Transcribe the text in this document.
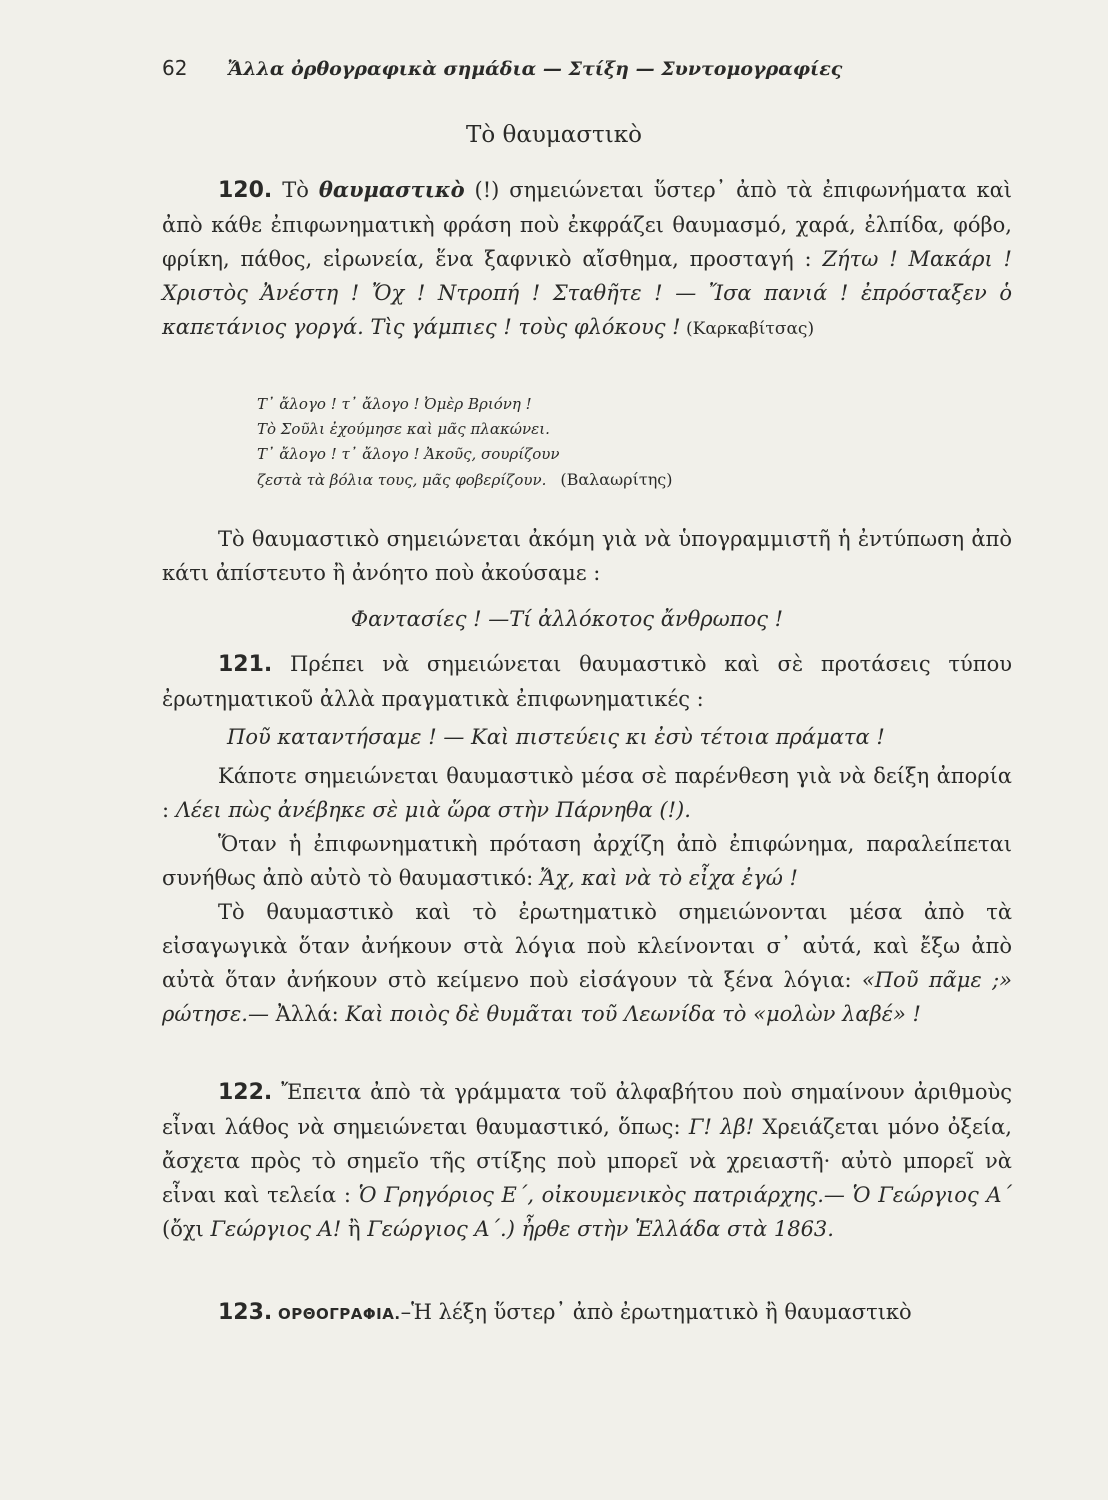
62 Ἄλλα ὀρθογραφικὰ σημάδια — Στίξη — Συντομογραφίες
Τὸ θαυμαστικὸ

120. Τὸ θαυμαστικὸ (!) σημειώνεται ὕστερ᾽ ἀπὸ τὰ ἐπιφωνήματα καὶ ἀπὸ κάθε ἐπιφωνηματικὴ φράση ποὺ ἐκφράζει θαυμασμό, χαρά, ἐλπίδα, φόβο, φρίκη, πάθος, εἰρωνεία, ἕνα ξαφνικὸ αἴσθημα, προσταγή : Ζήτω ! Μακάρι ! Χριστὸς Ἀνέστη ! Ὄχ ! Ντροπή ! Σταθῆτε ! — Ἴσα πανιά ! ἐπρόσταξεν ὁ καπετάνιος γοργά. Τὶς γάμπιες ! τοὺς φλόκους ! (Καρκαβίτσας)

Τ᾽ ἄλογο ! τ᾽ ἄλογο ! Ὀμὲρ Βριόνη !
Τὸ Σοῦλι ἐχούμησε καὶ μᾶς πλακώνει.
Τ᾽ ἄλογο ! τ᾽ ἄλογο ! Ἀκοῦς, σουρίζουν
ζεστὰ τὰ βόλια τους, μᾶς φοβερίζουν. (Βαλαωρίτης)

Τὸ θαυμαστικὸ σημειώνεται ἀκόμη γιὰ νὰ ὑπογραμμιστῆ ἡ ἐντύπωση ἀπὸ κάτι ἀπίστευτο ἢ ἀνόητο ποὺ ἀκούσαμε :

Φαντασίες ! —Τί ἀλλόκοτος ἄνθρωπος !

121. Πρέπει νὰ σημειώνεται θαυμαστικὸ καὶ σὲ προτάσεις τύπου ἐρωτηματικοῦ ἀλλὰ πραγματικὰ ἐπιφωνηματικές :

Ποῦ καταντήσαμε ! — Καὶ πιστεύεις κι ἐσὺ τέτοια πράματα !

Κάποτε σημειώνεται θαυμαστικὸ μέσα σὲ παρένθεση γιὰ νὰ δείξη ἀπορία : Λέει πὼς ἀνέβηκε σὲ μιὰ ὥρα στὴν Πάρνηθα (!).

Ὅταν ἡ ἐπιφωνηματικὴ πρόταση ἀρχίζη ἀπὸ ἐπιφώνημα, παραλείπεται συνήθως ἀπὸ αὐτὸ τὸ θαυμαστικό: Ἄχ, καὶ νὰ τὸ εἶχα ἐγώ !

Τὸ θαυμαστικὸ καὶ τὸ ἐρωτηματικὸ σημειώνονται μέσα ἀπὸ τὰ εἰσαγωγικὰ ὅταν ἀνήκουν στὰ λόγια ποὺ κλείνονται σ᾽ αὐτά, καὶ ἔξω ἀπὸ αὐτὰ ὅταν ἀνήκουν στὸ κείμενο ποὺ εἰσάγουν τὰ ξένα λόγια: «Ποῦ πᾶμε ;» ρώτησε.— Ἀλλά: Καὶ ποιὸς δὲ θυμᾶται τοῦ Λεωνίδα τὸ «μολὼν λαβέ» !

122. Ἔπειτα ἀπὸ τὰ γράμματα τοῦ ἀλφαβήτου ποὺ σημαίνουν ἀριθμοὺς εἶναι λάθος νὰ σημειώνεται θαυμαστικό, ὅπως: Γ! λβ! Χρειάζεται μόνο ὀξεία, ἄσχετα πρὸς τὸ σημεῖο τῆς στίξης ποὺ μπορεῖ νὰ χρειαστῆ· αὐτὸ μπορεῖ νὰ εἶναι καὶ τελεία : Ὁ Γρηγόριος Ε΄, οἰκουμενικὸς πατριάρχης.— Ὁ Γεώργιος Α΄ (ὄχι Γεώργιος Α! ἢ Γεώργιος Α΄.) ἦρθε στὴν Ἑλλάδα στὰ 1863.

123. ΟΡΘΟΓΡΑΦΙΑ.–Ἡ λέξη ὕστερ᾽ ἀπὸ ἐρωτηματικὸ ἢ θαυμαστικὸ
